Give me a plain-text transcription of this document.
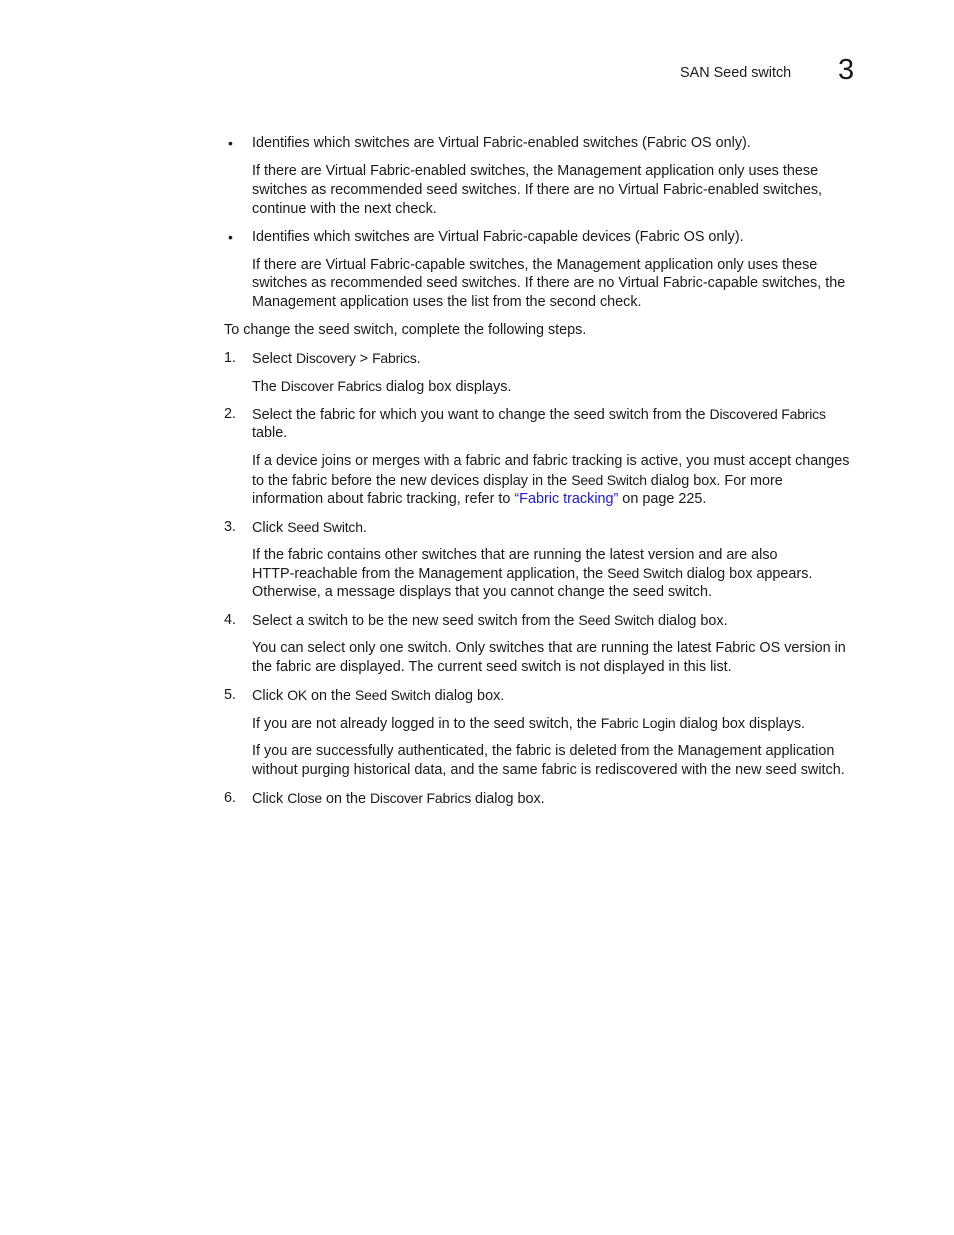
SAN Seed switch 3
• Identifies which switches are Virtual Fabric-enabled switches (Fabric OS only).
If there are Virtual Fabric-enabled switches, the Management application only uses these
switches as recommended seed switches. If there are no Virtual Fabric-enabled switches,
continue with the next check.
• Identifies which switches are Virtual Fabric-capable devices (Fabric OS only).
If there are Virtual Fabric-capable switches, the Management application only uses these
switches as recommended seed switches. If there are no Virtual Fabric-capable switches, the
Management application uses the list from the second check.
To change the seed switch, complete the following steps.
1. Select Discovery > Fabrics.
The Discover Fabrics dialog box displays.
2. Select the fabric for which you want to change the seed switch from the Discovered Fabrics
table.
If a device joins or merges with a fabric and fabric tracking is active, you must accept changes
to the fabric before the new devices display in the Seed Switch dialog box. For more
information about fabric tracking, refer to “Fabric tracking” on page 225.
3. Click Seed Switch.
If the fabric contains other switches that are running the latest version and are also
HTTP-reachable from the Management application, the Seed Switch dialog box appears.
Otherwise, a message displays that you cannot change the seed switch.
4. Select a switch to be the new seed switch from the Seed Switch dialog box.
You can select only one switch. Only switches that are running the latest Fabric OS version in
the fabric are displayed. The current seed switch is not displayed in this list.
5. Click OK on the Seed Switch dialog box.
If you are not already logged in to the seed switch, the Fabric Login dialog box displays.
If you are successfully authenticated, the fabric is deleted from the Management application
without purging historical data, and the same fabric is rediscovered with the new seed switch.
6. Click Close on the Discover Fabrics dialog box.
